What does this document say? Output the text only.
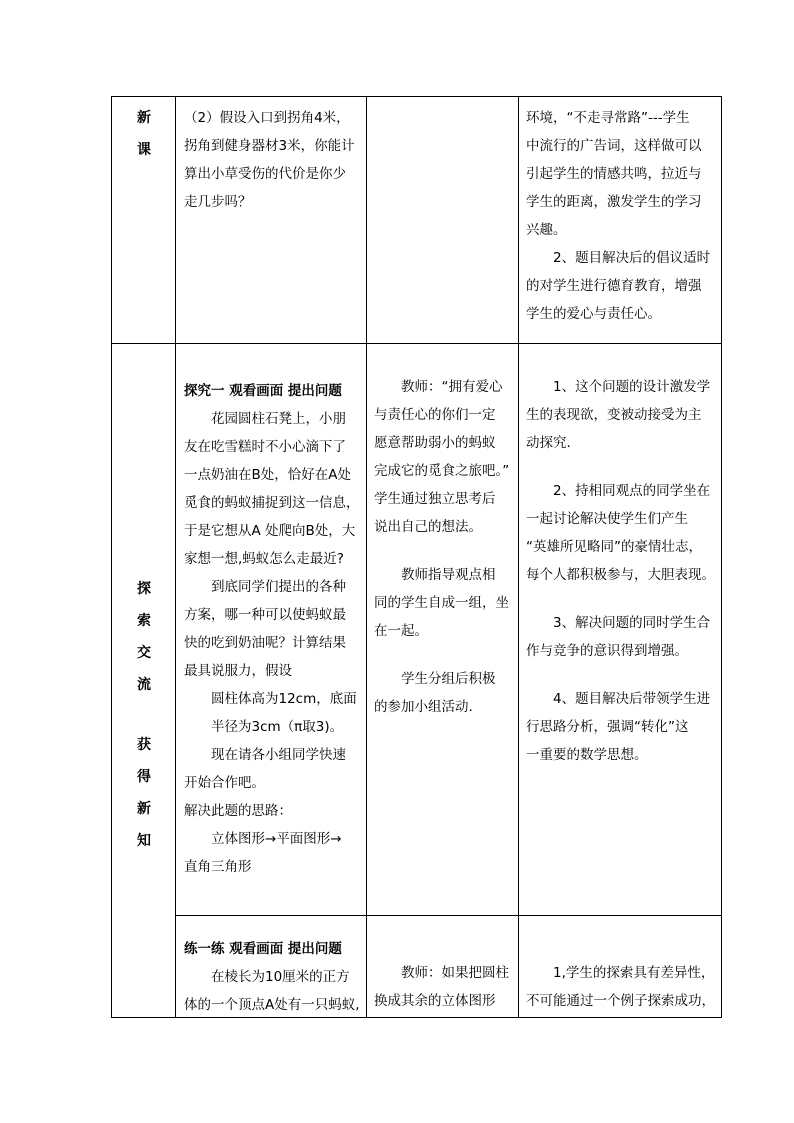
新
课

（2）假设入口到拐角4米，

拐角到健身器材3米，你能计

算出小草受伤的代价是你少

走几步吗？

环境，“不走寻常路”---学生

中流行的广告词，这样做可以

引起学生的情感共鸣，拉近与

学生的距离，激发学生的学习

兴趣。

2、题目解决后的倡议适时

的对学生进行德育教育，增强

学生的爱心与责任心。

探
索
交
流
获
得
新
知

探究一 观看画面 提出问题

花园圆柱石凳上，小朋

友在吃雪糕时不小心滴下了

一点奶油在B处，恰好在A处

觅食的蚂蚁捕捉到这一信息，

于是它想从A 处爬向B处，大

家想一想,蚂蚁怎么走最近?

到底同学们提出的各种

方案，哪一种可以使蚂蚁最

快的吃到奶油呢？计算结果

最具说服力，假设

圆柱体高为12cm，底面

半径为3cm（π取3)。

现在请各小组同学快速

开始合作吧。

解决此题的思路：

立体图形→平面图形→

直角三角形

教师：“拥有爱心

与责任心的你们一定

愿意帮助弱小的蚂蚁

完成它的觅食之旅吧。”

学生通过独立思考后

说出自己的想法。

教师指导观点相

同的学生自成一组，坐

在一起。

学生分组后积极

的参加小组活动.

1、这个问题的设计激发学

生的表现欲，变被动接受为主

动探究.

2、持相同观点的同学坐在

一起讨论解决使学生们产生

“英雄所见略同”的豪情壮志，

每个人都积极参与，大胆表现。

3、解决问题的同时学生合

作与竞争的意识得到增强。

4、题目解决后带领学生进

行思路分析，强调“转化”这

一重要的数学思想。

练一练 观看画面 提出问题

在棱长为10厘米的正方

体的一个顶点A处有一只蚂蚁,

教师：如果把圆柱

换成其余的立体图形

1,学生的探索具有差异性，

不可能通过一个例子探索成功，
